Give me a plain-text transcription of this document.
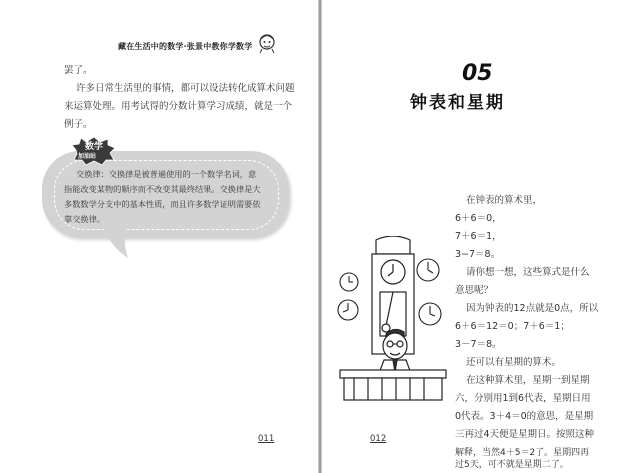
藏在生活中的数学·张景中教你学数学
罢了。
许多日常生活里的事情，都可以设法转化成算术问题
来运算处理。用考试得的分数计算学习成绩，就是一个
例子。
数学
加油站
交换律：交换律是被普遍使用的一个数学名词，意
指能改变某物的顺序而不改变其最终结果。交换律是大
多数数学分支中的基本性质，而且许多数学证明需要依
靠交换律。
011
05
钟表和星期
在钟表的算术里，
6＋6＝0，
7＋6＝1，
3−7＝8。
请你想一想，这些算式是什么
意思呢？
因为钟表的12点就是0点，所以
6＋6＝12＝0；7＋6＝1；
3－7＝8。
还可以有星期的算术。
在这种算术里，星期一到星期
六，分别用1到6代表，星期日用
0代表。3＋4＝0的意思，是星期
三再过4天便是星期日。按照这种
解释，当然4＋5＝2了。星期四再
过5天，可不就是星期二了。
012
